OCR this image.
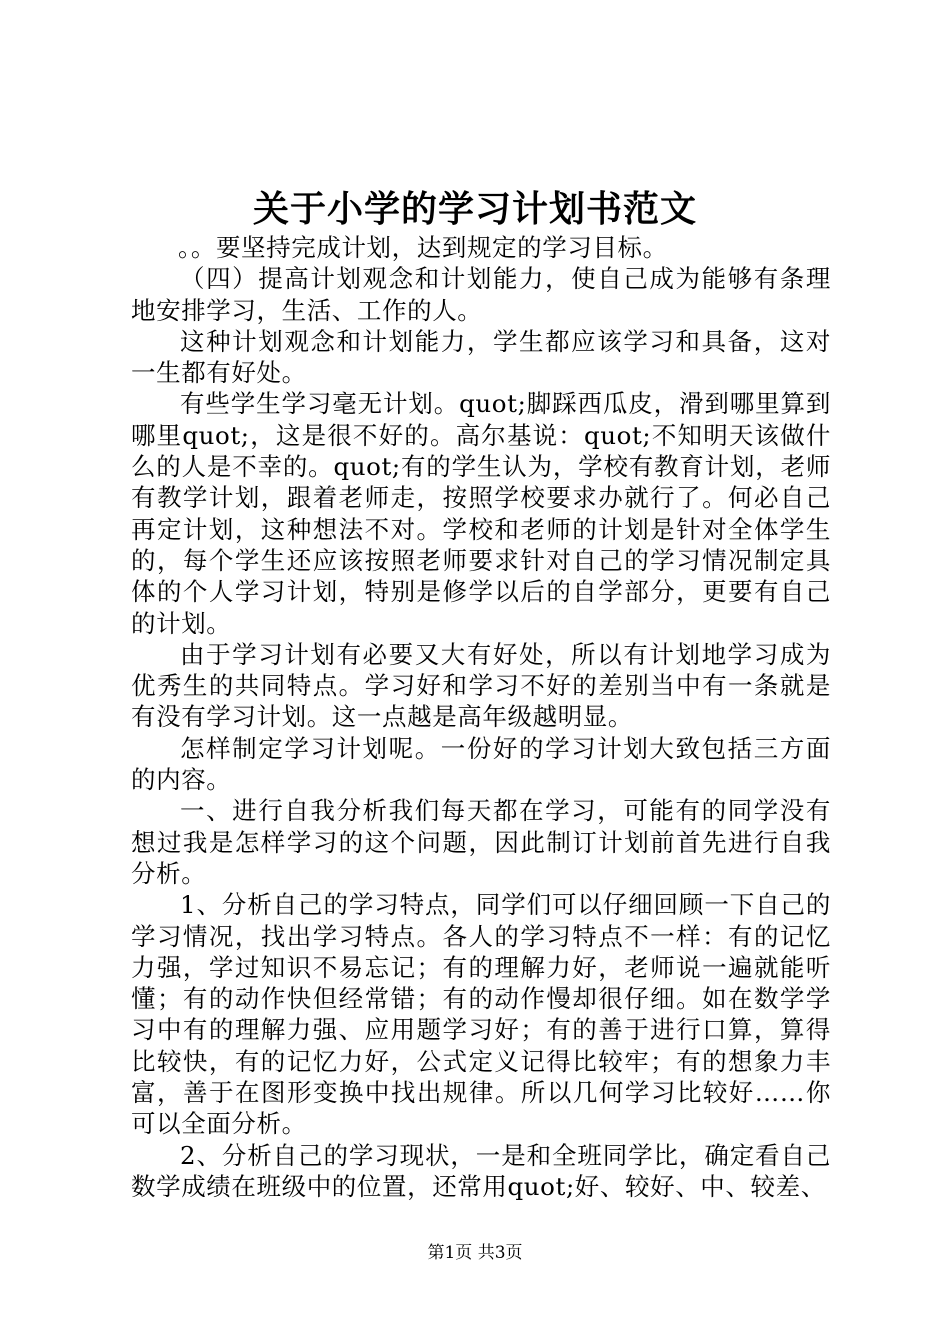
关于小学的学习计划书范文

。。要坚持完成计划，达到规定的学习目标。

（四）提高计划观念和计划能力，使自己成为能够有条理地安排学习，生活、工作的人。

这种计划观念和计划能力，学生都应该学习和具备，这对一生都有好处。

有些学生学习毫无计划。quot;脚踩西瓜皮，滑到哪里算到哪里quot;，这是很不好的。高尔基说：quot;不知明天该做什么的人是不幸的。quot;有的学生认为，学校有教育计划，老师有教学计划，跟着老师走，按照学校要求办就行了。何必自己再定计划，这种想法不对。学校和老师的计划是针对全体学生的，每个学生还应该按照老师要求针对自己的学习情况制定具体的个人学习计划，特别是修学以后的自学部分，更要有自己的计划。

由于学习计划有必要又大有好处，所以有计划地学习成为优秀生的共同特点。学习好和学习不好的差别当中有一条就是有没有学习计划。这一点越是高年级越明显。

怎样制定学习计划呢。一份好的学习计划大致包括三方面的内容。

一、进行自我分析我们每天都在学习，可能有的同学没有想过我是怎样学习的这个问题，因此制订计划前首先进行自我分析。

1、分析自己的学习特点，同学们可以仔细回顾一下自己的学习情况，找出学习特点。各人的学习特点不一样：有的记忆力强，学过知识不易忘记；有的理解力好，老师说一遍就能听懂；有的动作快但经常错；有的动作慢却很仔细。如在数学学习中有的理解力强、应用题学习好；有的善于进行口算，算得比较快，有的记忆力好，公式定义记得比较牢；有的想象力丰富，善于在图形变换中找出规律。所以几何学习比较好……你可以全面分析。

2、分析自己的学习现状，一是和全班同学比，确定看自己数学成绩在班级中的位置，还常用quot;好、较好、中、较差、

第1页 共3页
